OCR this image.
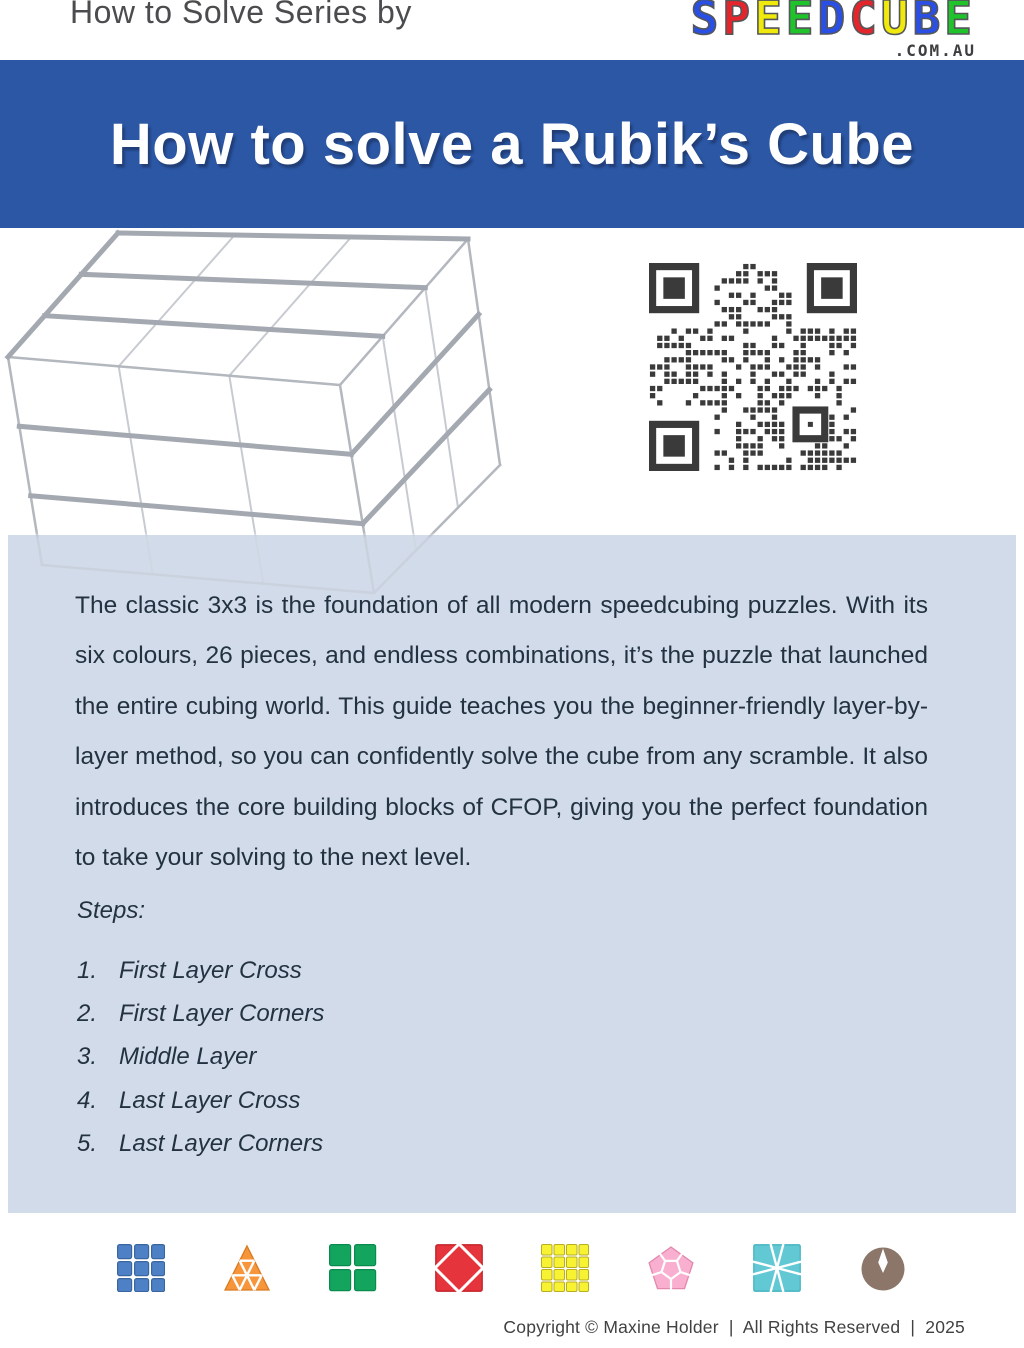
How to Solve Series by	SPEEDCUBE
.COM.AU
How to solve a Rubik’s Cube

The classic 3x3 is the foundation of all modern speedcubing puzzles. With its six colours, 26 pieces, and endless combinations, it’s the puzzle that launched the entire cubing world. This guide teaches you the beginner-friendly layer-by-layer method, so you can confidently solve the cube from any scramble. It also introduces the core building blocks of CFOP, giving you the perfect foundation to take your solving to the next level.

Steps:

1. First Layer Cross
2. First Layer Corners
3. Middle Layer
4. Last Layer Cross
5. Last Layer Corners
Copyright © Maxine Holder  |  All Rights Reserved  |  2025
